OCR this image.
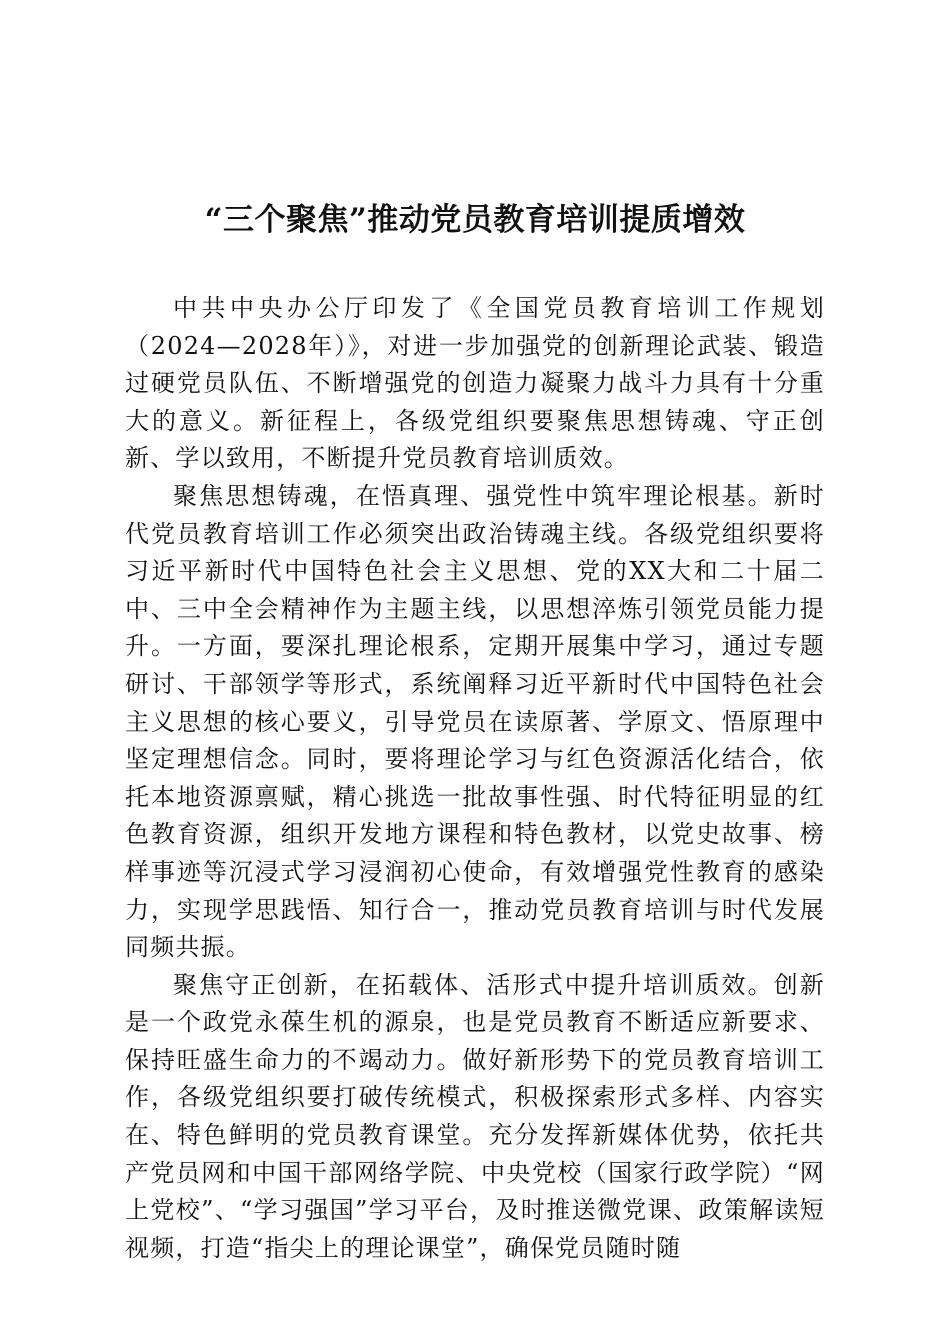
“三个聚焦”推动党员教育培训提质增效

中共中央办公厅印发了《全国党员教育培训工作规划（2024—2028年）》，对进一步加强党的创新理论武装、锻造过硬党员队伍、不断增强党的创造力凝聚力战斗力具有十分重大的意义。新征程上，各级党组织要聚焦思想铸魂、守正创新、学以致用，不断提升党员教育培训质效。

聚焦思想铸魂，在悟真理、强党性中筑牢理论根基。新时代党员教育培训工作必须突出政治铸魂主线。各级党组织要将习近平新时代中国特色社会主义思想、党的XX大和二十届二中、三中全会精神作为主题主线，以思想淬炼引领党员能力提升。一方面，要深扎理论根系，定期开展集中学习，通过专题研讨、干部领学等形式，系统阐释习近平新时代中国特色社会主义思想的核心要义，引导党员在读原著、学原文、悟原理中坚定理想信念。同时，要将理论学习与红色资源活化结合，依托本地资源禀赋，精心挑选一批故事性强、时代特征明显的红色教育资源，组织开发地方课程和特色教材，以党史故事、榜样事迹等沉浸式学习浸润初心使命，有效增强党性教育的感染力，实现学思践悟、知行合一，推动党员教育培训与时代发展同频共振。

聚焦守正创新，在拓载体、活形式中提升培训质效。创新是一个政党永葆生机的源泉，也是党员教育不断适应新要求、保持旺盛生命力的不竭动力。做好新形势下的党员教育培训工作，各级党组织要打破传统模式，积极探索形式多样、内容实在、特色鲜明的党员教育课堂。充分发挥新媒体优势，依托共产党员网和中国干部网络学院、中央党校（国家行政学院）“网上党校”、“学习强国”学习平台，及时推送微党课、政策解读短视频，打造“指尖上的理论课堂”，确保党员随时随
